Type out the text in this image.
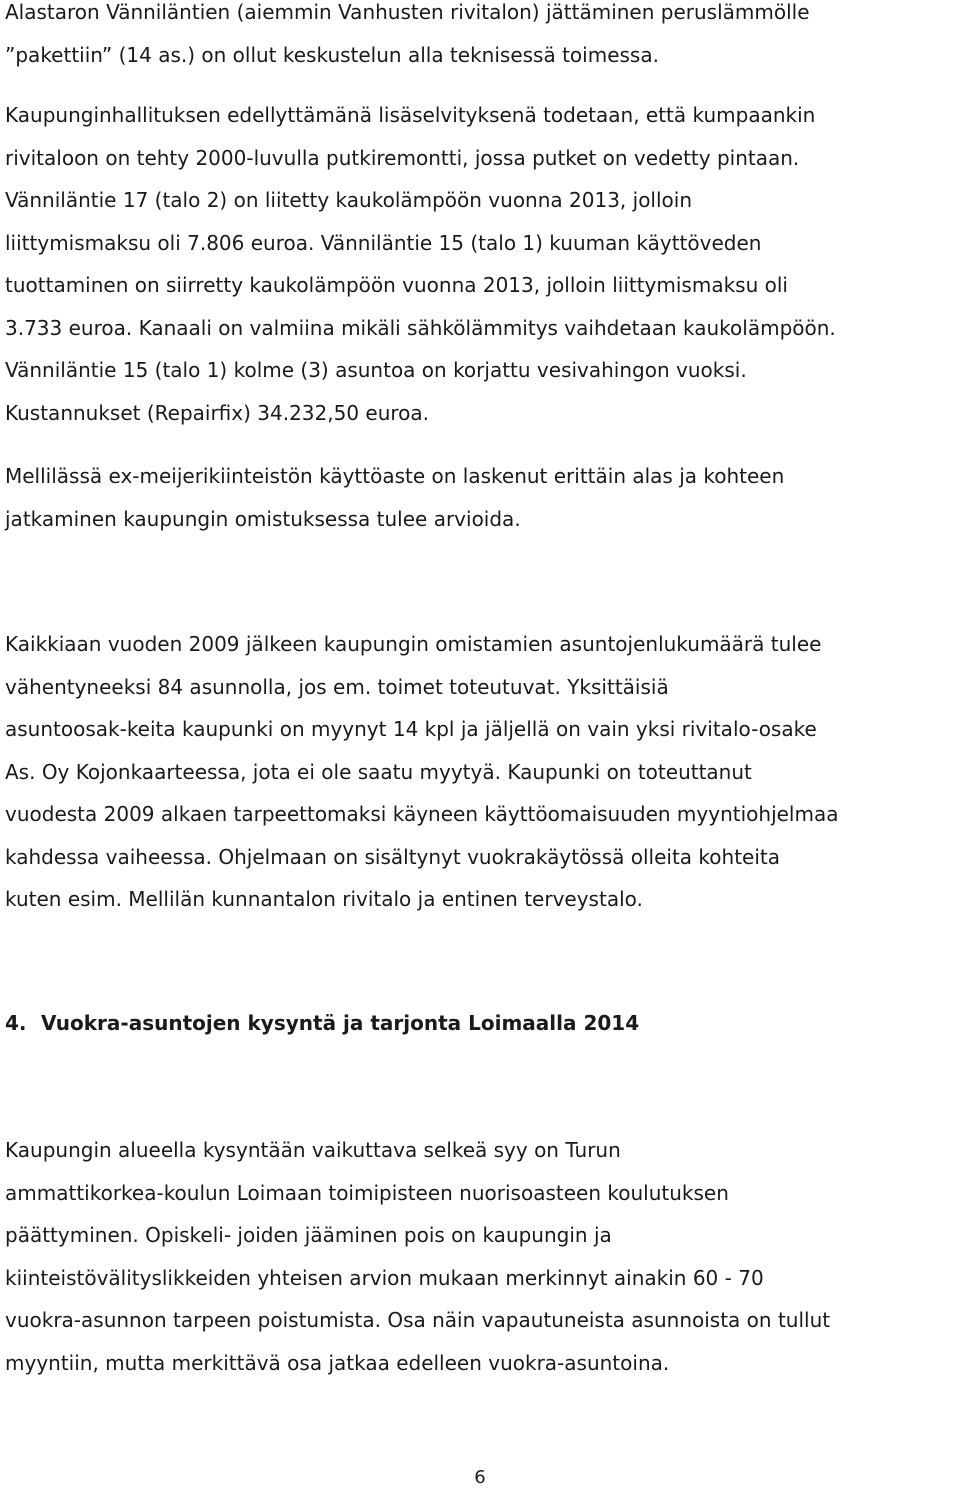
Alastaron Vänniläntien (aiemmin Vanhusten rivitalon) jättäminen peruslämmölle
”pakettiin” (14 as.) on ollut keskustelun alla teknisessä toimessa.
Kaupunginhallituksen edellyttämänä lisäselvityksenä todetaan, että kumpaankin
rivitaloon on tehty 2000-luvulla putkiremontti, jossa putket on vedetty pintaan.
Vänniläntie 17 (talo 2) on liitetty kaukolämpöön vuonna 2013, jolloin
liittymismaksu oli 7.806 euroa. Vänniläntie 15 (talo 1) kuuman käyttöveden
tuottaminen on siirretty kaukolämpöön vuonna 2013, jolloin liittymismaksu oli
3.733 euroa. Kanaali on valmiina mikäli sähkölämmitys vaihdetaan kaukolämpöön.
Vänniläntie 15 (talo 1) kolme (3) asuntoa on korjattu vesivahingon vuoksi.
Kustannukset (Repairfix) 34.232,50 euroa.
Mellilässä ex-meijerikiinteistön käyttöaste on laskenut erittäin alas ja kohteen
jatkaminen kaupungin omistuksessa tulee arvioida.
Kaikkiaan vuoden 2009 jälkeen kaupungin omistamien asuntojenlukumäärä tulee
vähentyneeksi 84 asunnolla, jos em. toimet toteutuvat. Yksittäisiä
asuntoosak-keita kaupunki on myynyt 14 kpl ja jäljellä on vain yksi rivitalo-osake
As. Oy Kojonkaarteessa, jota ei ole saatu myytyä. Kaupunki on toteuttanut
vuodesta 2009 alkaen tarpeettomaksi käyneen käyttöomaisuuden myyntiohjelmaa
kahdessa vaiheessa. Ohjelmaan on sisältynyt vuokrakäytössä olleita kohteita
kuten esim. Mellilän kunnantalon rivitalo ja entinen terveystalo.
4. Vuokra-asuntojen kysyntä ja tarjonta Loimaalla 2014
Kaupungin alueella kysyntään vaikuttava selkeä syy on Turun
ammattikorkea-koulun Loimaan toimipisteen nuorisoasteen koulutuksen
päättyminen. Opiskeli- joiden jääminen pois on kaupungin ja
kiinteistövälityslikkeiden yhteisen arvion mukaan merkinnyt ainakin 60 - 70
vuokra-asunnon tarpeen poistumista. Osa näin vapautuneista asunnoista on tullut
myyntiin, mutta merkittävä osa jatkaa edelleen vuokra-asuntoina.
6
